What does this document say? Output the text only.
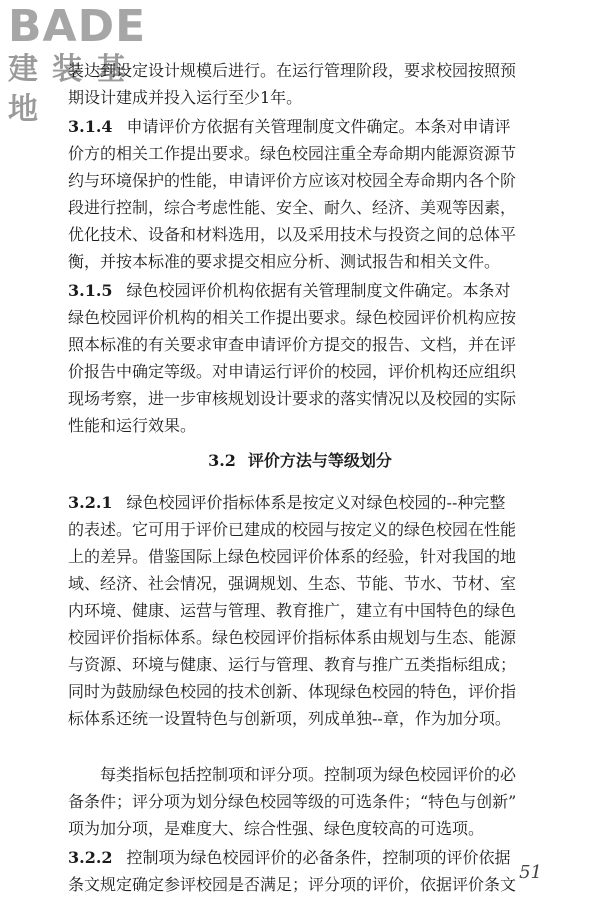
BADE
建装基地
装达到设定设计规模后进行。在运行管理阶段，要求校园按照预
期设计建成并投入运行至少1年。
3.1.4 申请评价方依据有关管理制度文件确定。本条对申请评
价方的相关工作提出要求。绿色校园注重全寿命期内能源资源节
约与环境保护的性能，申请评价方应该对校园全寿命期内各个阶
段进行控制，综合考虑性能、安全、耐久、经济、美观等因素，
优化技术、设备和材料选用，以及采用技术与投资之间的总体平
衡，并按本标准的要求提交相应分析、测试报告和相关文件。
3.1.5 绿色校园评价机构依据有关管理制度文件确定。本条对
绿色校园评价机构的相关工作提出要求。绿色校园评价机构应按
照本标准的有关要求审查申请评价方提交的报告、文档，并在评
价报告中确定等级。对申请运行评价的校园，评价机构还应组织
现场考察，进一步审核规划设计要求的落实情况以及校园的实际
性能和运行效果。
3.2 评价方法与等级划分
3.2.1 绿色校园评价指标体系是按定义对绿色校园的--种完整
的表述。它可用于评价已建成的校园与按定义的绿色校园在性能
上的差异。借鉴国际上绿色校园评价体系的经验，针对我国的地
域、经济、社会情况，强调规划、生态、节能、节水、节材、室
内环境、健康、运营与管理、教育推广，建立有中国特色的绿色
校园评价指标体系。绿色校园评价指标体系由规划与生态、能源
与资源、环境与健康、运行与管理、教育与推广五类指标组成；
同时为鼓励绿色校园的技术创新、体现绿色校园的特色，评价指
标体系还统一设置特色与创新项，列成单独--章，作为加分项。
　　每类指标包括控制项和评分项。控制项为绿色校园评价的必
备条件；评分项为划分绿色校园等级的可选条件；“特色与创新”
项为加分项，是难度大、综合性强、绿色度较高的可选项。
3.2.2 控制项为绿色校园评价的必备条件，控制项的评价依据
条文规定确定参评校园是否满足；评分项的评价，依据评价条文
51
